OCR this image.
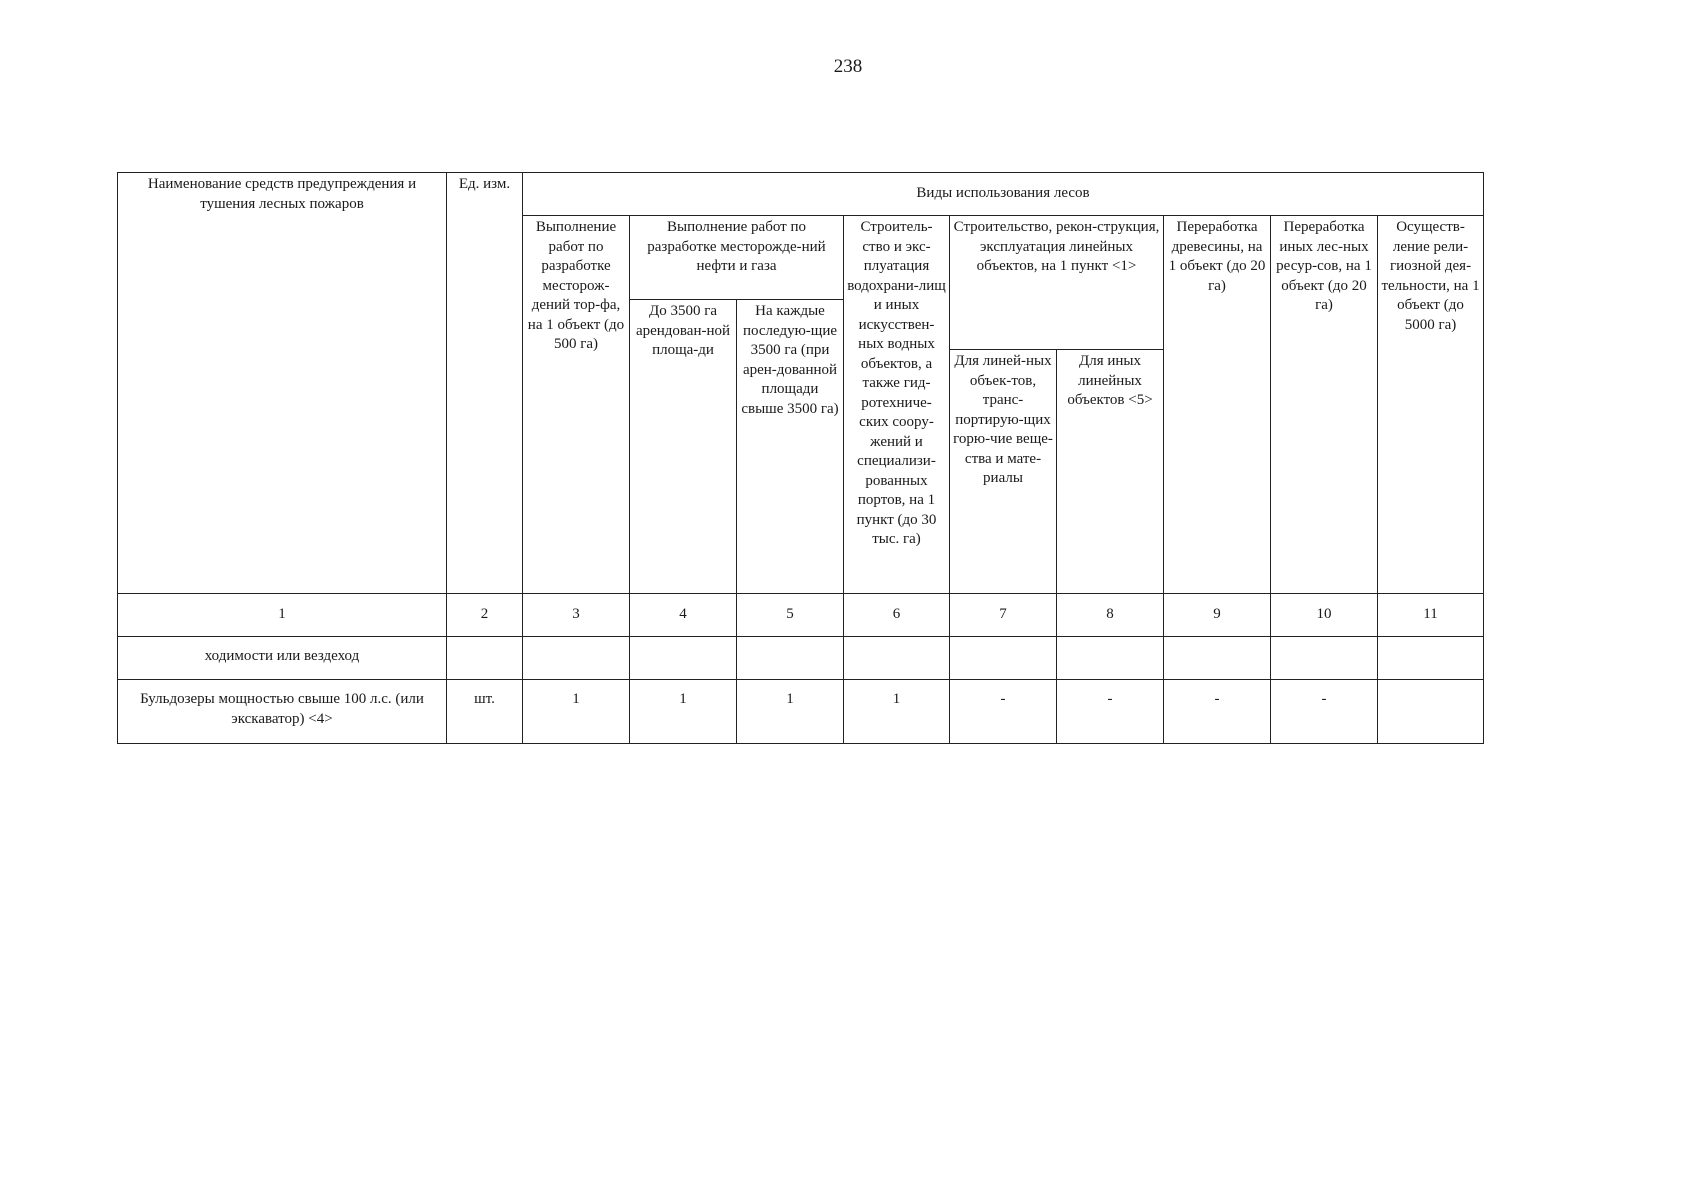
238
Наименование средств предупреждения и тушения лесных пожаров	Ед. изм.	Виды использования лесов								
		Выполнение работ по разработке месторож-дений тор-фа, на 1 объект (до 500 га)	Выполнение работ по разработке месторожде-ний нефти и газа		Строитель-ство и экс-плуатация водохрани-лищ и иных искусствен-ных водных объектов, а также гид-ротехниче-ских соору-жений и специализи-рованных портов, на 1 пункт (до 30 тыс. га)	Строительство, рекон-струкция, эксплуатация линейных объектов, на 1 пункт <1>		Переработка древесины, на 1 объект (до 20 га)	Переработка иных лес-ных ресур-сов, на 1 объект (до 20 га)	Осуществ-ление рели-гиозной дея-тельности, на 1 объект (до 5000 га)
			До 3500 га арендован-ной площа-ди	На каждые последую-щие 3500 га (при арен-дованной площади свыше 3500 га)						
						Для линей-ных объек-тов, транс-портирую-щих горю-чие веще-ства и мате-риалы	Для иных линейных объектов <5>			
1	2	3	4	5	6	7	8	9	10	11
ходимости или вездеход										
Бульдозеры мощностью свыше 100 л.с. (или экскаватор) <4>	шт.	1	1	1	1	-	-	-	-	
